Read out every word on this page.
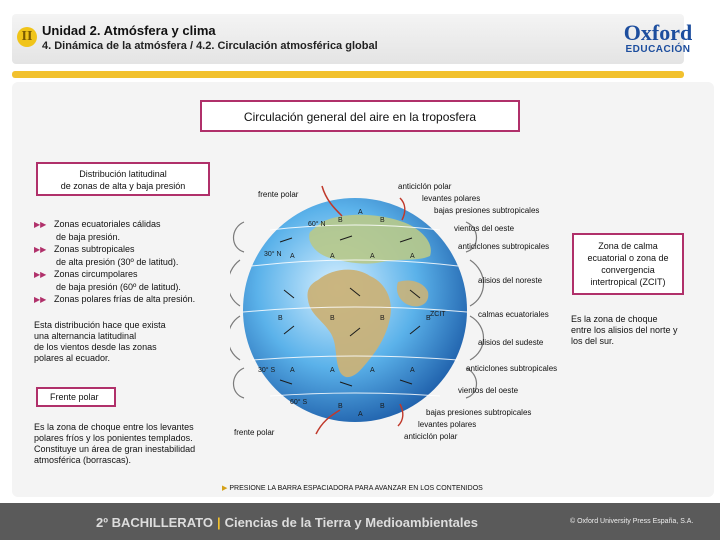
II Unidad 2. Atmósfera y clima
4. Dinámica de la atmósfera / 4.2. Circulación atmosférica global
Oxford
EDUCACIÓN
Circulación general del aire en la troposfera
Distribución latitudinal
de zonas de alta y baja presión
▶▶ Zonas ecuatoriales cálidas
de baja presión.
▶▶ Zonas subtropicales
de alta presión (30º de latitud).
▶▶ Zonas circumpolares
de baja presión (60º de latitud).
▶▶ Zonas polares frías de alta presión.
Esta distribución hace que exista
una alternancia latitudinal
de los vientos desde las zonas
polares al ecuador.
Frente polar
Es la zona de choque entre los levantes
polares fríos y los ponientes templados.
Constituye un área de gran inestabilidad
atmosférica (borrascas).
Zona de calma
ecuatorial o zona de
convergencia
intertropical (ZCIT)
Es la zona de choque
entre los alisios del norte y
los del sur.
B	B
A
A	A	A	A
B	B	B	B
A	A	A	A
B	B
A
60° N
30° N
ZCIT
30° S
60° S
frente polar
anticiclón polar
levantes polares
bajas presiones subtropicales
vientos del oeste
anticiclones subtropicales
alisios del noreste
calmas ecuatoriales
alisios del sudeste
anticiclones subtropicales
vientos del oeste
bajas presiones subtropicales
levantes polares
frente polar	anticiclón polar
▶ PRESIONE LA BARRA ESPACIADORA PARA AVANZAR EN LOS CONTENIDOS
2º BACHILLERATO | Ciencias de la Tierra y Medioambientales	© Oxford University Press España, S.A.
